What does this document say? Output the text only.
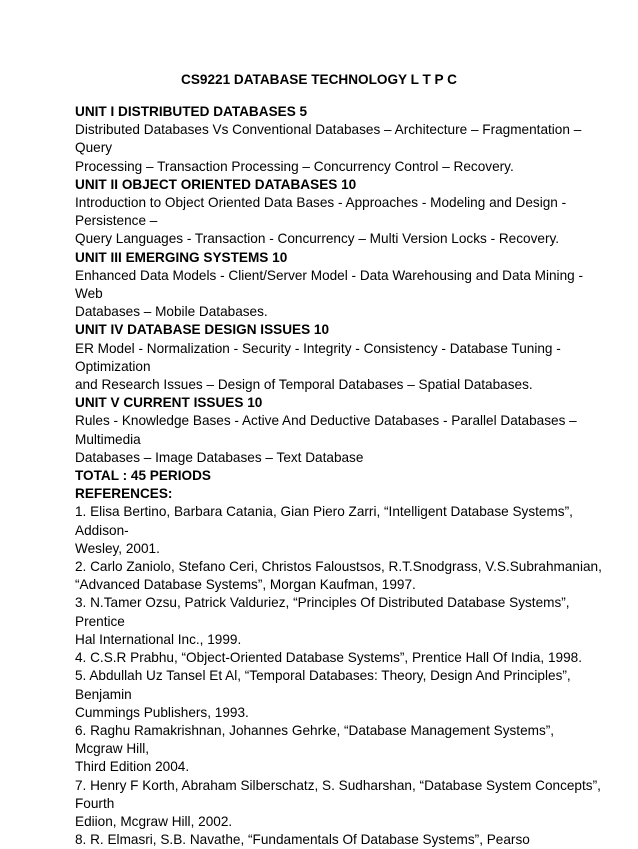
CS9221 DATABASE TECHNOLOGY L T P C
UNIT I DISTRIBUTED DATABASES 5
Distributed Databases Vs Conventional Databases – Architecture – Fragmentation –
Query
Processing – Transaction Processing – Concurrency Control – Recovery.
UNIT II OBJECT ORIENTED DATABASES 10
Introduction to Object Oriented Data Bases - Approaches - Modeling and Design -
Persistence –
Query Languages - Transaction - Concurrency – Multi Version Locks - Recovery.
UNIT III EMERGING SYSTEMS 10
Enhanced Data Models - Client/Server Model - Data Warehousing and Data Mining -
Web
Databases – Mobile Databases.
UNIT IV DATABASE DESIGN ISSUES 10
ER Model - Normalization - Security - Integrity - Consistency - Database Tuning -
Optimization
and Research Issues – Design of Temporal Databases – Spatial Databases.
UNIT V CURRENT ISSUES 10
Rules - Knowledge Bases - Active And Deductive Databases - Parallel Databases –
Multimedia
Databases – Image Databases – Text Database
TOTAL : 45 PERIODS
REFERENCES:
1. Elisa Bertino, Barbara Catania, Gian Piero Zarri, “Intelligent Database Systems”,
Addison-
Wesley, 2001.
2. Carlo Zaniolo, Stefano Ceri, Christos Faloustsos, R.T.Snodgrass, V.S.Subrahmanian,
“Advanced Database Systems”, Morgan Kaufman, 1997.
3. N.Tamer Ozsu, Patrick Valduriez, “Principles Of Distributed Database Systems”,
Prentice
Hal International Inc., 1999.
4. C.S.R Prabhu, “Object-Oriented Database Systems”, Prentice Hall Of India, 1998.
5. Abdullah Uz Tansel Et Al, “Temporal Databases: Theory, Design And Principles”,
Benjamin
Cummings Publishers, 1993.
6. Raghu Ramakrishnan, Johannes Gehrke, “Database Management Systems”,
Mcgraw Hill,
Third Edition 2004.
7. Henry F Korth, Abraham Silberschatz, S. Sudharshan, “Database System Concepts”,
Fourth
Ediion, Mcgraw Hill, 2002.
8. R. Elmasri, S.B. Navathe, “Fundamentals Of Database Systems”, Pearso
